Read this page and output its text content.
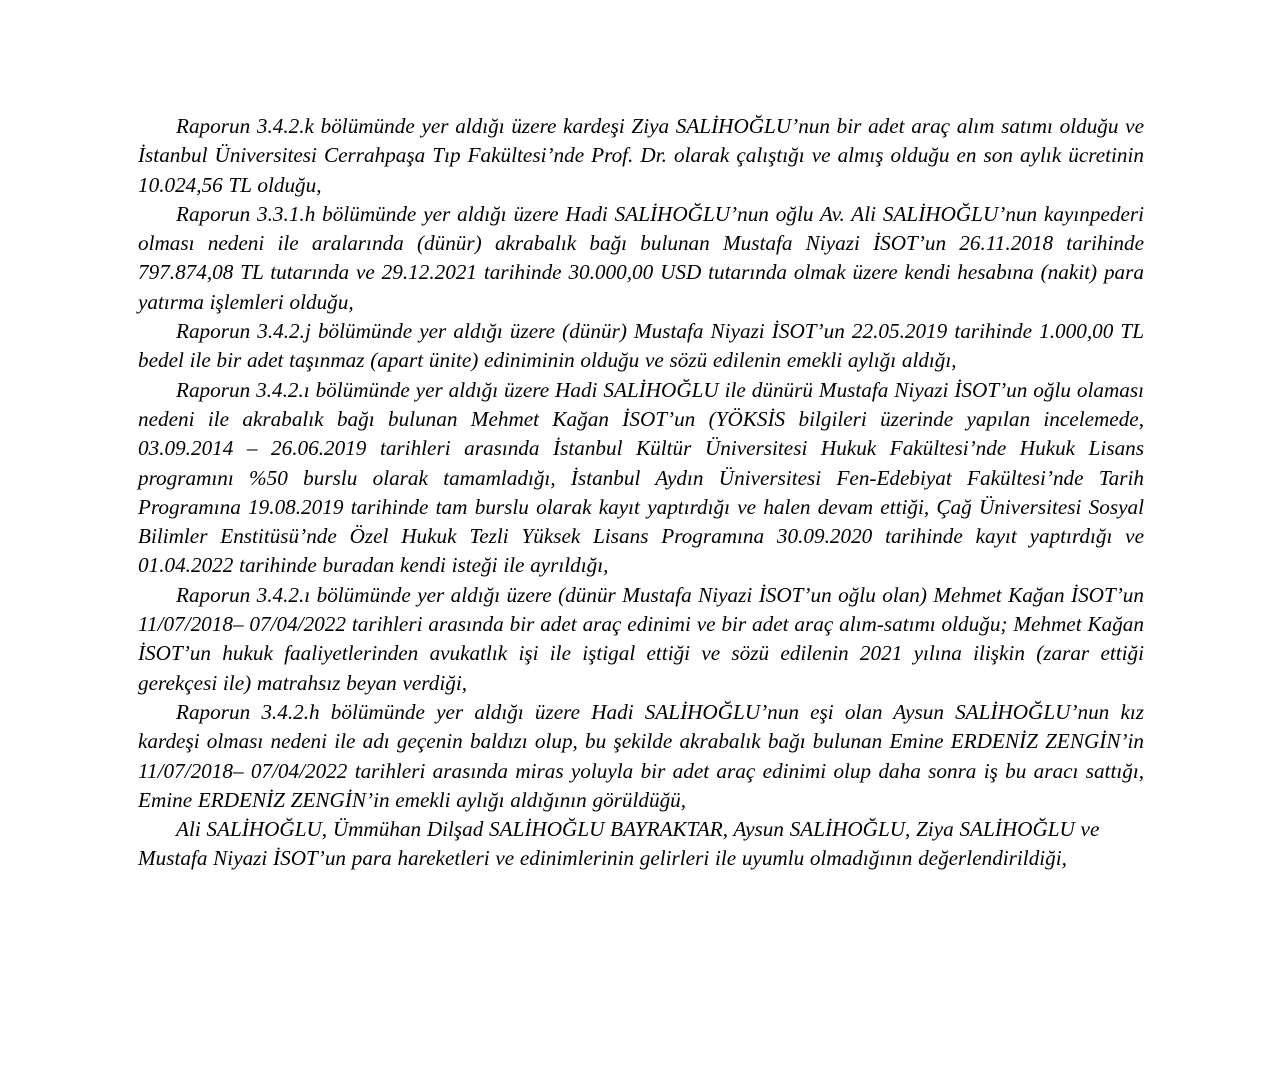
Raporun 3.4.2.k bölümünde yer aldığı üzere kardeşi Ziya SALİHOĞLU’nun bir adet araç alım satımı olduğu ve İstanbul Üniversitesi Cerrahpaşa Tıp Fakültesi’nde Prof. Dr. olarak çalıştığı ve almış olduğu en son aylık ücretinin 10.024,56 TL olduğu,

Raporun 3.3.1.h bölümünde yer aldığı üzere Hadi SALİHOĞLU’nun oğlu Av. Ali SALİHOĞLU’nun kayınpederi olması nedeni ile aralarında (dünür) akrabalık bağı bulunan Mustafa Niyazi İSOT’un 26.11.2018 tarihinde 797.874,08 TL tutarında ve 29.12.2021 tarihinde 30.000,00 USD tutarında olmak üzere kendi hesabına (nakit) para yatırma işlemleri olduğu,

Raporun 3.4.2.j bölümünde yer aldığı üzere (dünür) Mustafa Niyazi İSOT’un 22.05.2019 tarihinde 1.000,00 TL bedel ile bir adet taşınmaz (apart ünite) ediniminin olduğu ve sözü edilenin emekli aylığı aldığı,

Raporun 3.4.2.ı bölümünde yer aldığı üzere Hadi SALİHOĞLU ile dünürü Mustafa Niyazi İSOT’un oğlu olaması nedeni ile akrabalık bağı bulunan Mehmet Kağan İSOT’un (YÖKSİS bilgileri üzerinde yapılan incelemede, 03.09.2014 – 26.06.2019 tarihleri arasında İstanbul Kültür Üniversitesi Hukuk Fakültesi’nde Hukuk Lisans programını %50 burslu olarak tamamladığı, İstanbul Aydın Üniversitesi Fen-Edebiyat Fakültesi’nde Tarih Programına 19.08.2019 tarihinde tam burslu olarak kayıt yaptırdığı ve halen devam ettiği, Çağ Üniversitesi Sosyal Bilimler Enstitüsü’nde Özel Hukuk Tezli Yüksek Lisans Programına 30.09.2020 tarihinde kayıt yaptırdığı ve 01.04.2022 tarihinde buradan kendi isteği ile ayrıldığı,

Raporun 3.4.2.ı bölümünde yer aldığı üzere (dünür Mustafa Niyazi İSOT’un oğlu olan) Mehmet Kağan İSOT’un 11/07/2018– 07/04/2022 tarihleri arasında bir adet araç edinimi ve bir adet araç alım-satımı olduğu; Mehmet Kağan İSOT’un hukuk faaliyetlerinden avukatlık işi ile iştigal ettiği ve sözü edilenin 2021 yılına ilişkin (zarar ettiği gerekçesi ile) matrahsız beyan verdiği,

Raporun 3.4.2.h bölümünde yer aldığı üzere Hadi SALİHOĞLU’nun eşi olan Aysun SALİHOĞLU’nun kız kardeşi olması nedeni ile adı geçenin baldızı olup, bu şekilde akrabalık bağı bulunan Emine ERDENİZ ZENGİN’in 11/07/2018– 07/04/2022 tarihleri arasında miras yoluyla bir adet araç edinimi olup daha sonra iş bu aracı sattığı, Emine ERDENİZ ZENGİN’in emekli aylığı aldığının görüldüğü,

Ali SALİHOĞLU, Ümmühan Dilşad SALİHOĞLU BAYRAKTAR, Aysun SALİHOĞLU, Ziya SALİHOĞLU ve Mustafa Niyazi İSOT’un para hareketleri ve edinimlerinin gelirleri ile uyumlu olmadığının değerlendirildiği,
